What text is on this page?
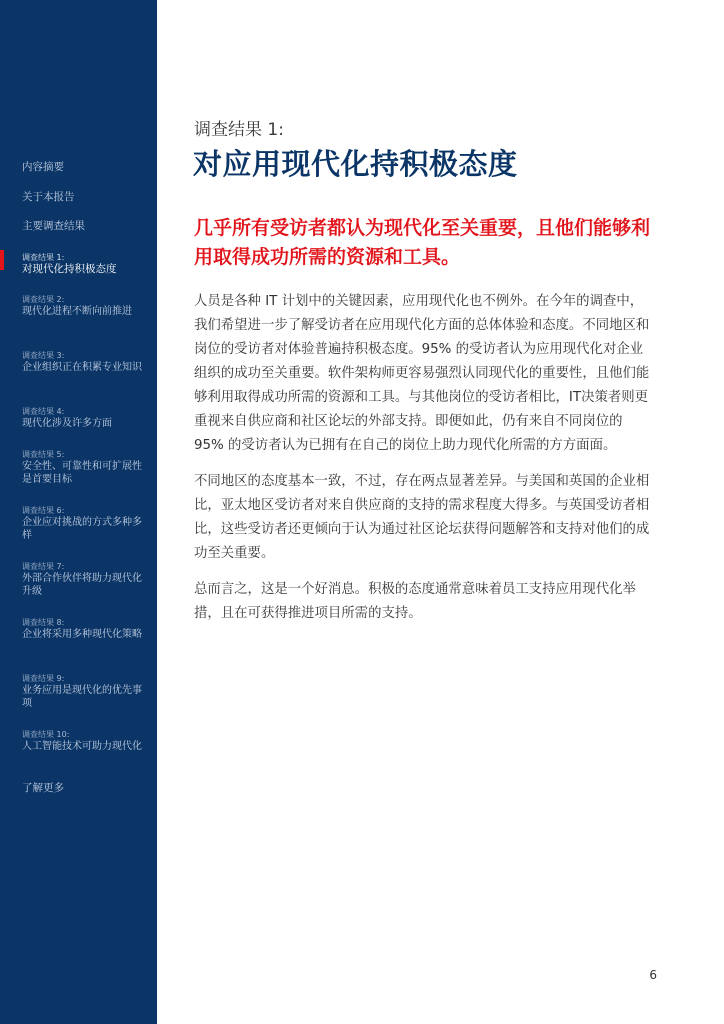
内容摘要
关于本报告
主要调查结果
调查结果 1:
对现代化持积极态度
调查结果 2:
现代化进程不断向前推进
调查结果 3:
企业组织正在积累专业知识
调查结果 4:
现代化涉及许多方面
调查结果 5:
安全性、可靠性和可扩展性是首要目标
调查结果 6:
企业应对挑战的方式多种多样
调查结果 7:
外部合作伙伴将助力现代化升级
调查结果 8:
企业将采用多种现代化策略
调查结果 9:
业务应用是现代化的优先事项
调查结果 10:
人工智能技术可助力现代化
了解更多
调查结果 1:
对应用现代化持积极态度
几乎所有受访者都认为现代化至关重要，且他们能够利用取得成功所需的资源和工具。

人员是各种 IT 计划中的关键因素，应用现代化也不例外。在今年的调查中，我们希望进一步了解受访者在应用现代化方面的总体体验和态度。不同地区和岗位的受访者对体验普遍持积极态度。95% 的受访者认为应用现代化对企业组织的成功至关重要。软件架构师更容易强烈认同现代化的重要性，且他们能够利用取得成功所需的资源和工具。与其他岗位的受访者相比，IT决策者则更重视来自供应商和社区论坛的外部支持。即便如此，仍有来自不同岗位的 95% 的受访者认为已拥有在自己的岗位上助力现代化所需的方方面面。

不同地区的态度基本一致，不过，存在两点显著差异。与美国和英国的企业相比，亚太地区受访者对来自供应商的支持的需求程度大得多。与英国受访者相比，这些受访者还更倾向于认为通过社区论坛获得问题解答和支持对他们的成功至关重要。

总而言之，这是一个好消息。积极的态度通常意味着员工支持应用现代化举措，且在可获得推进项目所需的支持。

6
